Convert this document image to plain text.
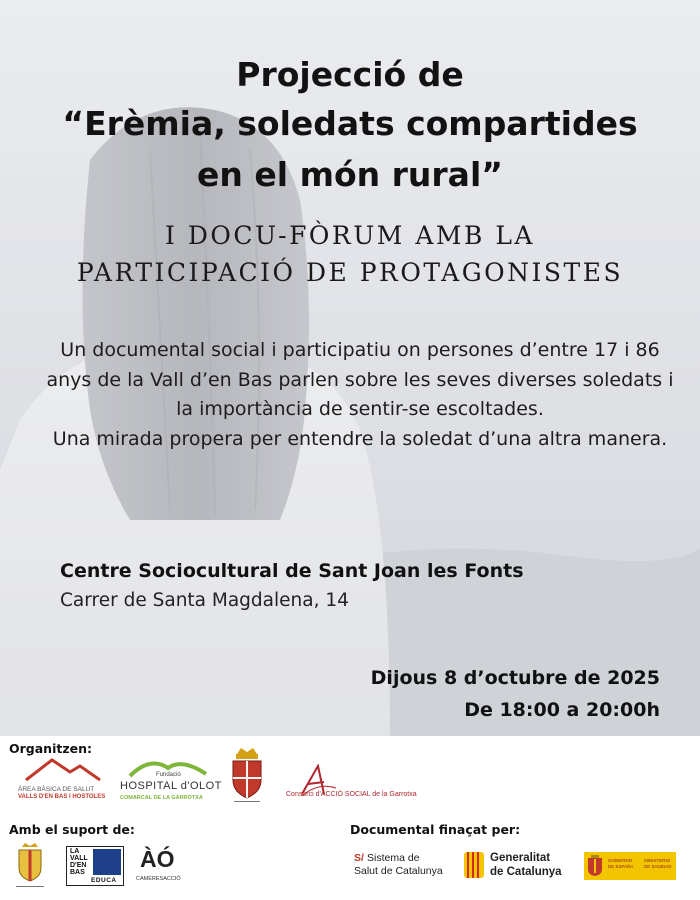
Projecció de
“Erèmia, soledats compartides
en el món rural”
I DOCU-FÒRUM AMB LA
PARTICIPACIÓ DE PROTAGONISTES

Un documental social i participatiu on persones d’entre 17 i 86 anys de la Vall d’en Bas parlen sobre les seves diverses soledats i la importància de sentir-se escoltades.

Una mirada propera per entendre la soledat d’una altra manera.

Centre Sociocultural de Sant Joan les Fonts
Carrer de Santa Magdalena, 14
Dijous 8 d’octubre de 2025
De 18:00 a 20:00h
Organitzen:
ÀREA BÀSICA DE SALUT
VALLS D'EN BAS I HOSTOLES
Fundació
HOSPITAL d'OLOT
COMARCAL DE LA GARROTXA	Consorci d'ACCIÓ SOCIAL de la Garrotxa
Amb el suport de:	Documental finaçat per:
LA
VALL
D'EN
BAS
EDUCA
ÀÓ
CAMERESACCIÓ
S/ Sistema de
Salut de Catalunya
Generalitat
de Catalunya
GOBIERNO
DE ESPAÑA
MINISTERIO
DE SANIDAD
